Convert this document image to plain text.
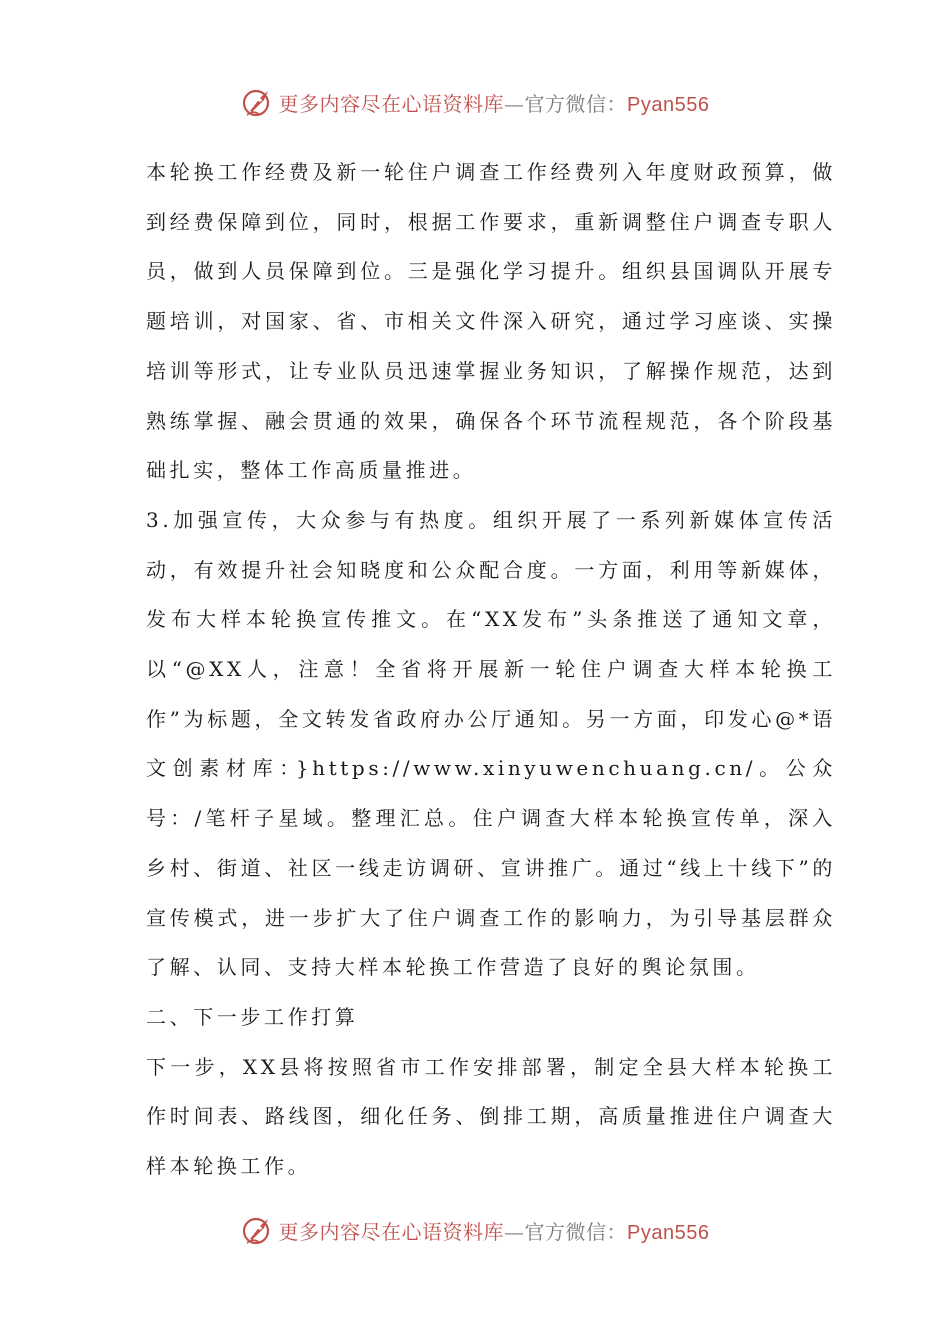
更多内容尽在心语资料库—官方微信：Pyan556

本轮换工作经费及新一轮住户调查工作经费列入年度财政预算，做到经费保障到位，同时，根据工作要求，重新调整住户调查专职人员，做到人员保障到位。三是强化学习提升。组织县国调队开展专题培训，对国家、省、市相关文件深入研究，通过学习座谈、实操培训等形式，让专业队员迅速掌握业务知识，了解操作规范，达到熟练掌握、融会贯通的效果，确保各个环节流程规范，各个阶段基础扎实，整体工作高质量推进。

3.加强宣传，大众参与有热度。组织开展了一系列新媒体宣传活动，有效提升社会知晓度和公众配合度。一方面，利用等新媒体，发布大样本轮换宣传推文。在“XX发布”头条推送了通知文章，以“@XX人，注意！全省将开展新一轮住户调查大样本轮换工作”为标题，全文转发省政府办公厅通知。另一方面，印发心@*语文创素材库：}https://www.xinyuwenchuang.cn/。公众号：/笔杆子星域。整理汇总。住户调查大样本轮换宣传单，深入乡村、街道、社区一线走访调研、宣讲推广。通过“线上十线下”的宣传模式，进一步扩大了住户调查工作的影响力，为引导基层群众了解、认同、支持大样本轮换工作营造了良好的舆论氛围。

二、下一步工作打算

下一步，XX县将按照省市工作安排部署，制定全县大样本轮换工作时间表、路线图，细化任务、倒排工期，高质量推进住户调查大样本轮换工作。

更多内容尽在心语资料库—官方微信：Pyan556
